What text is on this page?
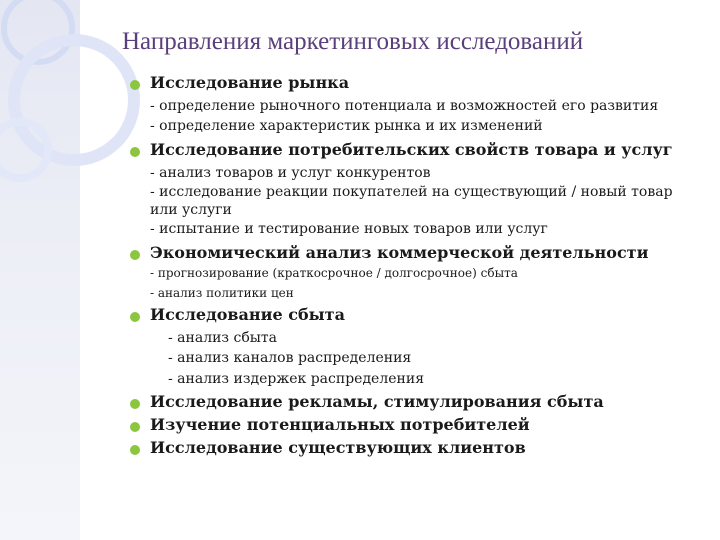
Направления маркетинговых исследований
Исследование рынка
- определение рыночного потенциала и возможностей его развития
- определение характеристик рынка и их изменений
Исследование потребительских свойств товара и услуг
- анализ товаров и услуг конкурентов
- исследование реакции покупателей на существующий / новый товар
или услуги
- испытание и тестирование новых товаров или услуг
Экономический анализ коммерческой деятельности
- прогнозирование (краткосрочное / долгосрочное) сбыта
- анализ политики цен
Исследование сбыта
- анализ сбыта
- анализ каналов распределения
- анализ издержек распределения
Исследование рекламы, стимулирования сбыта
Изучение потенциальных потребителей
Исследование существующих клиентов
